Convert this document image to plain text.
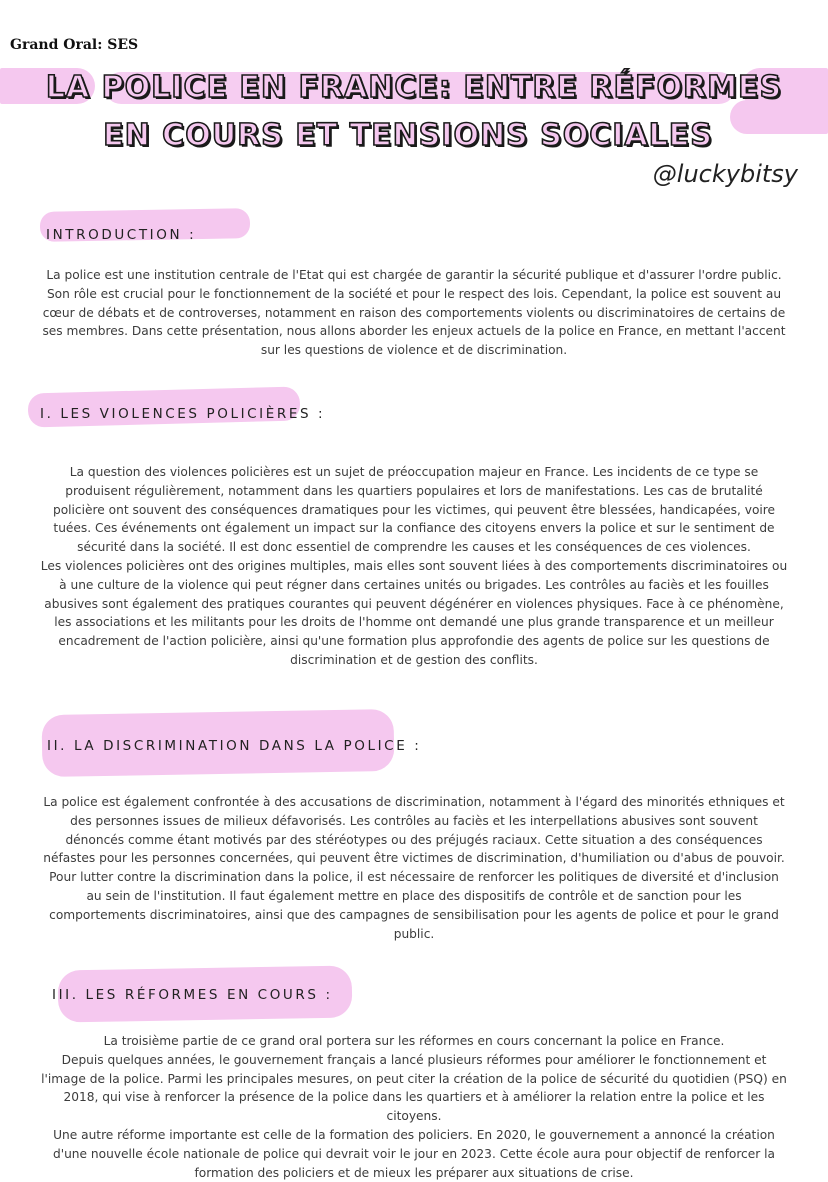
Grand Oral: SES
LA POLICE EN FRANCE: ENTRE RÉFORMES
EN COURS ET TENSIONS SOCIALES
@luckybitsy
INTRODUCTION :

La police est une institution centrale de l'Etat qui est chargée de garantir la sécurité publique et d'assurer l'ordre public. Son rôle est crucial pour le fonctionnement de la société et pour le respect des lois. Cependant, la police est souvent au cœur de débats et de controverses, notamment en raison des comportements violents ou discriminatoires de certains de ses membres. Dans cette présentation, nous allons aborder les enjeux actuels de la police en France, en mettant l'accent sur les questions de violence et de discrimination.

I. LES VIOLENCES POLICIÈRES :

La question des violences policières est un sujet de préoccupation majeur en France. Les incidents de ce type se produisent régulièrement, notamment dans les quartiers populaires et lors de manifestations. Les cas de brutalité policière ont souvent des conséquences dramatiques pour les victimes, qui peuvent être blessées, handicapées, voire tuées. Ces événements ont également un impact sur la confiance des citoyens envers la police et sur le sentiment de sécurité dans la société. Il est donc essentiel de comprendre les causes et les conséquences de ces violences.

Les violences policières ont des origines multiples, mais elles sont souvent liées à des comportements discriminatoires ou à une culture de la violence qui peut régner dans certaines unités ou brigades. Les contrôles au faciès et les fouilles abusives sont également des pratiques courantes qui peuvent dégénérer en violences physiques. Face à ce phénomène, les associations et les militants pour les droits de l'homme ont demandé une plus grande transparence et un meilleur encadrement de l'action policière, ainsi qu'une formation plus approfondie des agents de police sur les questions de discrimination et de gestion des conflits.

II. LA DISCRIMINATION DANS LA POLICE :

La police est également confrontée à des accusations de discrimination, notamment à l'égard des minorités ethniques et des personnes issues de milieux défavorisés. Les contrôles au faciès et les interpellations abusives sont souvent dénoncés comme étant motivés par des stéréotypes ou des préjugés raciaux. Cette situation a des conséquences néfastes pour les personnes concernées, qui peuvent être victimes de discrimination, d'humiliation ou d'abus de pouvoir.

Pour lutter contre la discrimination dans la police, il est nécessaire de renforcer les politiques de diversité et d'inclusion au sein de l'institution. Il faut également mettre en place des dispositifs de contrôle et de sanction pour les comportements discriminatoires, ainsi que des campagnes de sensibilisation pour les agents de police et pour le grand public.

III. LES RÉFORMES EN COURS :

La troisième partie de ce grand oral portera sur les réformes en cours concernant la police en France.

Depuis quelques années, le gouvernement français a lancé plusieurs réformes pour améliorer le fonctionnement et l'image de la police. Parmi les principales mesures, on peut citer la création de la police de sécurité du quotidien (PSQ) en 2018, qui vise à renforcer la présence de la police dans les quartiers et à améliorer la relation entre la police et les citoyens.

Une autre réforme importante est celle de la formation des policiers. En 2020, le gouvernement a annoncé la création d'une nouvelle école nationale de police qui devrait voir le jour en 2023. Cette école aura pour objectif de renforcer la formation des policiers et de mieux les préparer aux situations de crise.
